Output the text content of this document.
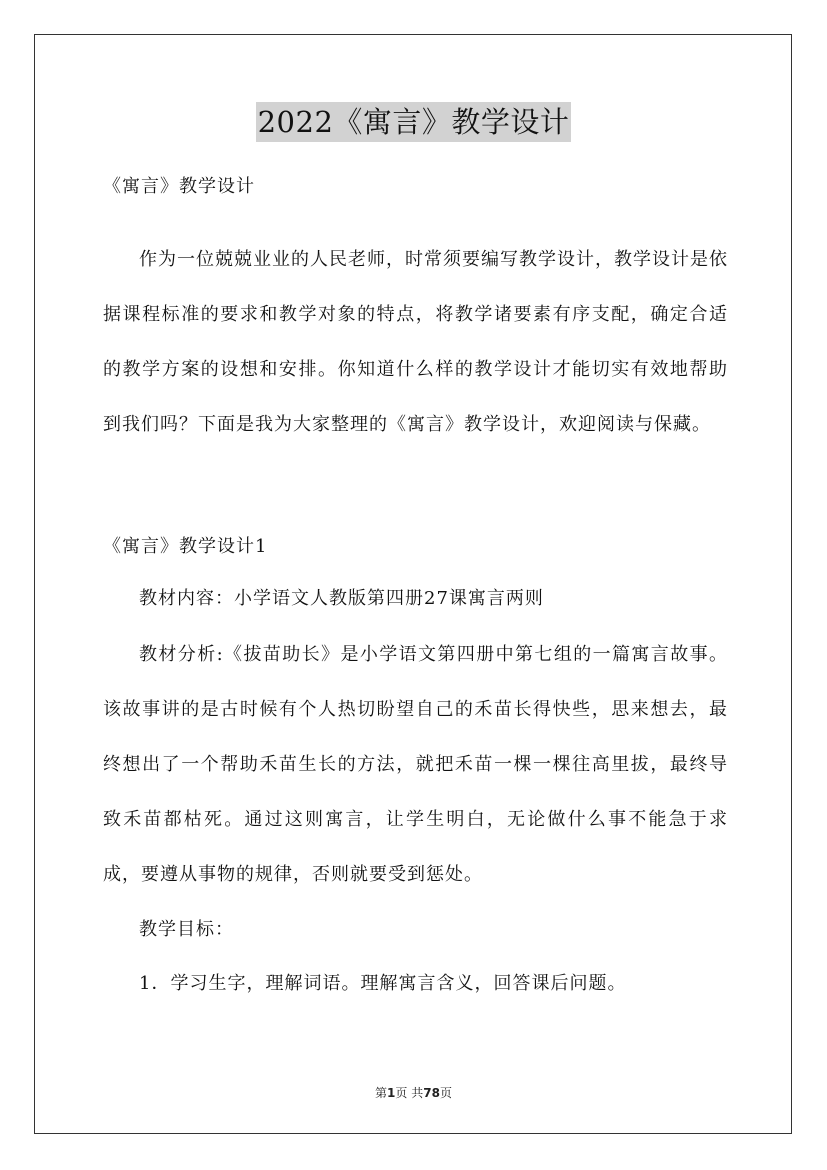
2022《寓言》教学设计

《寓言》教学设计

作为一位兢兢业业的人民老师，时常须要编写教学设计，教学设计是依据课程标准的要求和教学对象的特点，将教学诸要素有序支配，确定合适的教学方案的设想和安排。你知道什么样的教学设计才能切实有效地帮助到我们吗？下面是我为大家整理的《寓言》教学设计，欢迎阅读与保藏。

《寓言》教学设计1

教材内容：小学语文人教版第四册27课寓言两则

教材分析:《拔苗助长》是小学语文第四册中第七组的一篇寓言故事。该故事讲的是古时候有个人热切盼望自己的禾苗长得快些，思来想去，最终想出了一个帮助禾苗生长的方法，就把禾苗一棵一棵往高里拔，最终导致禾苗都枯死。通过这则寓言，让学生明白，无论做什么事不能急于求成，要遵从事物的规律，否则就要受到惩处。

教学目标：

1．学习生字，理解词语。理解寓言含义，回答课后问题。

第1页 共78页
